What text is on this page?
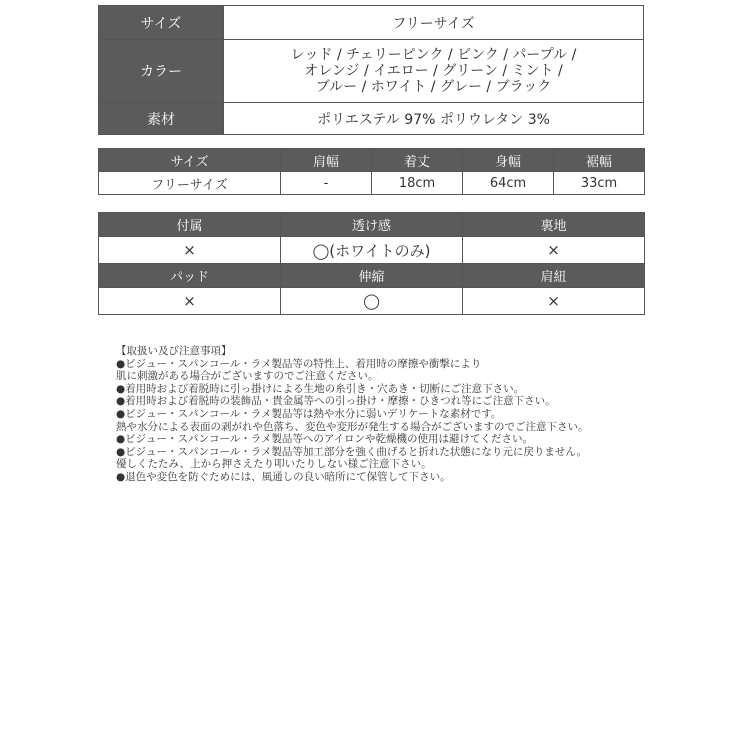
サイズ	フリーサイズ
カラー	レッド / チェリーピンク / ピンク / パープル /
オレンジ / イエロー / グリーン / ミント /
ブルー / ホワイト / グレー / ブラック

素材	ポリエステル 97% ポリウレタン 3%
サイズ	肩幅	着丈	身幅	裾幅
フリーサイズ	-	18cm	64cm	33cm
付属	透け感	裏地
×	◯(ホワイトのみ)	×
パッド	伸縮	肩紐
×	◯	×
【取扱い及び注意事項】
●ビジュー・スパンコール・ラメ製品等の特性上、着用時の摩擦や衝撃により
肌に刺激がある場合がございますのでご注意ください。
●着用時および着脱時に引っ掛けによる生地の糸引き・穴あき・切断にご注意下さい。
●着用時および着脱時の装飾品・貴金属等への引っ掛け・摩擦・ひきつれ等にご注意下さい。
●ビジュー・スパンコール・ラメ製品等は熱や水分に弱いデリケートな素材です。
熱や水分による表面の剥がれや色落ち、変色や変形が発生する場合がございますのでご注意下さい。
●ビジュー・スパンコール・ラメ製品等へのアイロンや乾燥機の使用は避けてください。
●ビジュー・スパンコール・ラメ製品等加工部分を強く曲げると折れた状態になり元に戻りません。
優しくたたみ、上から押さえたり叩いたりしない様ご注意下さい。
●退色や変色を防ぐためには、風通しの良い暗所にて保管して下さい。
